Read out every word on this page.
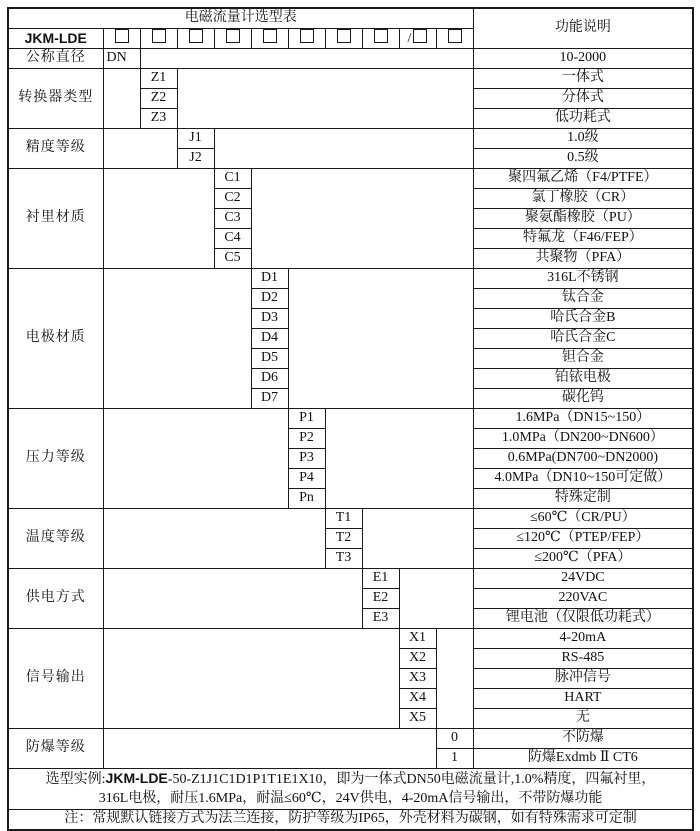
电磁流量计选型表											功能说明
JKM-LDE									/		
公称直径	DN										10-2000
转换器类型		Z1									一体式
		Z2									分体式
		Z3									低功耗式
精度等级			J1								1.0级
			J2								0.5级
衬里材质				C1							聚四氟乙烯（F4/PTFE）
				C2							氯丁橡胶（CR）
				C3							聚氨酯橡胶（PU）
				C4							特氟龙（F46/FEP）
				C5							共聚物（PFA）
电极材质					D1						316L不锈钢
					D2						钛合金
					D3						哈氏合金B
					D4						哈氏合金C
					D5						钽合金
					D6						铂铱电极
					D7						碳化钨
压力等级						P1					1.6MPa（DN15~150）
						P2					1.0MPa（DN200~DN600）
						P3					0.6MPa(DN700~DN2000)
						P4					4.0MPa（DN10~150可定做）
						Pn					特殊定制
温度等级							T1				≤60℃（CR/PU）
							T2				≤120℃（PTEP/FEP）
							T3				≤200℃（PFA）
供电方式								E1			24VDC
								E2			220VAC
								E3			锂电池（仅限低功耗式）
信号输出									X1		4-20mA
									X2		RS-485
									X3		脉冲信号
									X4		HART
									X5		无
防爆等级										0	不防爆
										1	防爆Exdmb Ⅱ CT6

选型实例:JKM-LDE-50-Z1J1C1D1P1T1E1X10，即为一体式DN50电磁流量计,1.0%精度，四氟衬里，
316L电极，耐压1.6MPa，耐温≤60℃，24V供电，4-20mA信号输出，不带防爆功能											

注：常规默认链接方式为法兰连接，防护等级为IP65，外壳材料为碳钢，如有特殊需求可定制											
